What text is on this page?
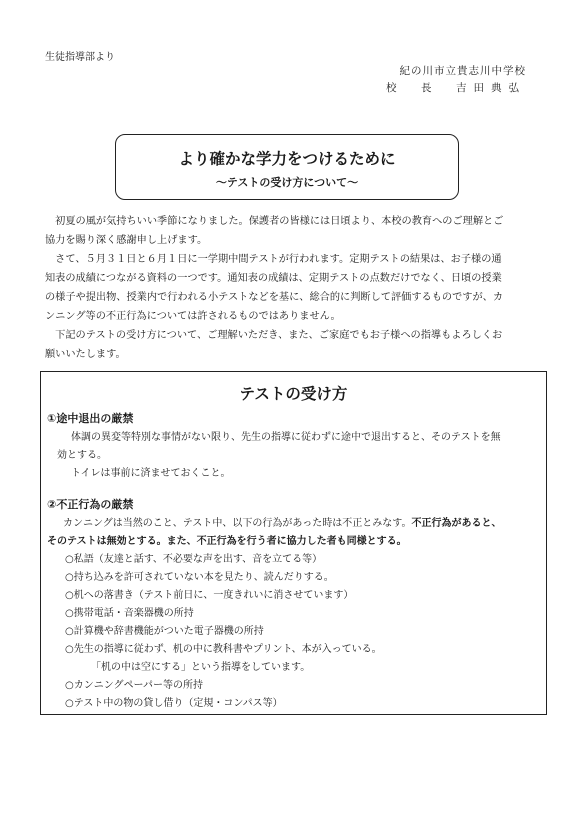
生徒指導部より
紀の川市立貴志川中学校
校　長　吉田典弘
より確かな学力をつけるために
～テストの受け方について～

　初夏の風が気持ちいい季節になりました。保護者の皆様には日頃より、本校の教育へのご理解とご

協力を賜り深く感謝申し上げます。

　さて、５月３１日と６月１日に一学期中間テストが行われます。定期テストの結果は、お子様の通

知表の成績につながる資料の一つです。通知表の成績は、定期テストの点数だけでなく、日頃の授業

の様子や提出物、授業内で行われる小テストなどを基に、総合的に判断して評価するものですが、カ

ンニング等の不正行為については許されるものではありません。

　下記のテストの受け方について、ご理解いただき、また、ご家庭でもお子様への指導もよろしくお

願いいたします。

テストの受け方
①途中退出の厳禁
体調の異変等特別な事情がない限り、先生の指導に従わずに途中で退出すると、そのテストを無
効とする。
トイレは事前に済ませておくこと。
②不正行為の厳禁
カンニングは当然のこと、テスト中、以下の行為があった時は不正とみなす。不正行為があると、
そのテストは無効とする。また、不正行為を行う者に協力した者も同様とする。
○私語（友達と話す、不必要な声を出す、音を立てる等）
○持ち込みを許可されていない本を見たり、読んだりする。
○机への落書き（テスト前日に、一度きれいに消させています）
○携帯電話・音楽器機の所持
○計算機や辞書機能がついた電子器機の所持
○先生の指導に従わず、机の中に教科書やプリント、本が入っている。
「机の中は空にする」という指導をしています。
○カンニングペーパー等の所持
○テスト中の物の貸し借り（定規・コンパス等）
